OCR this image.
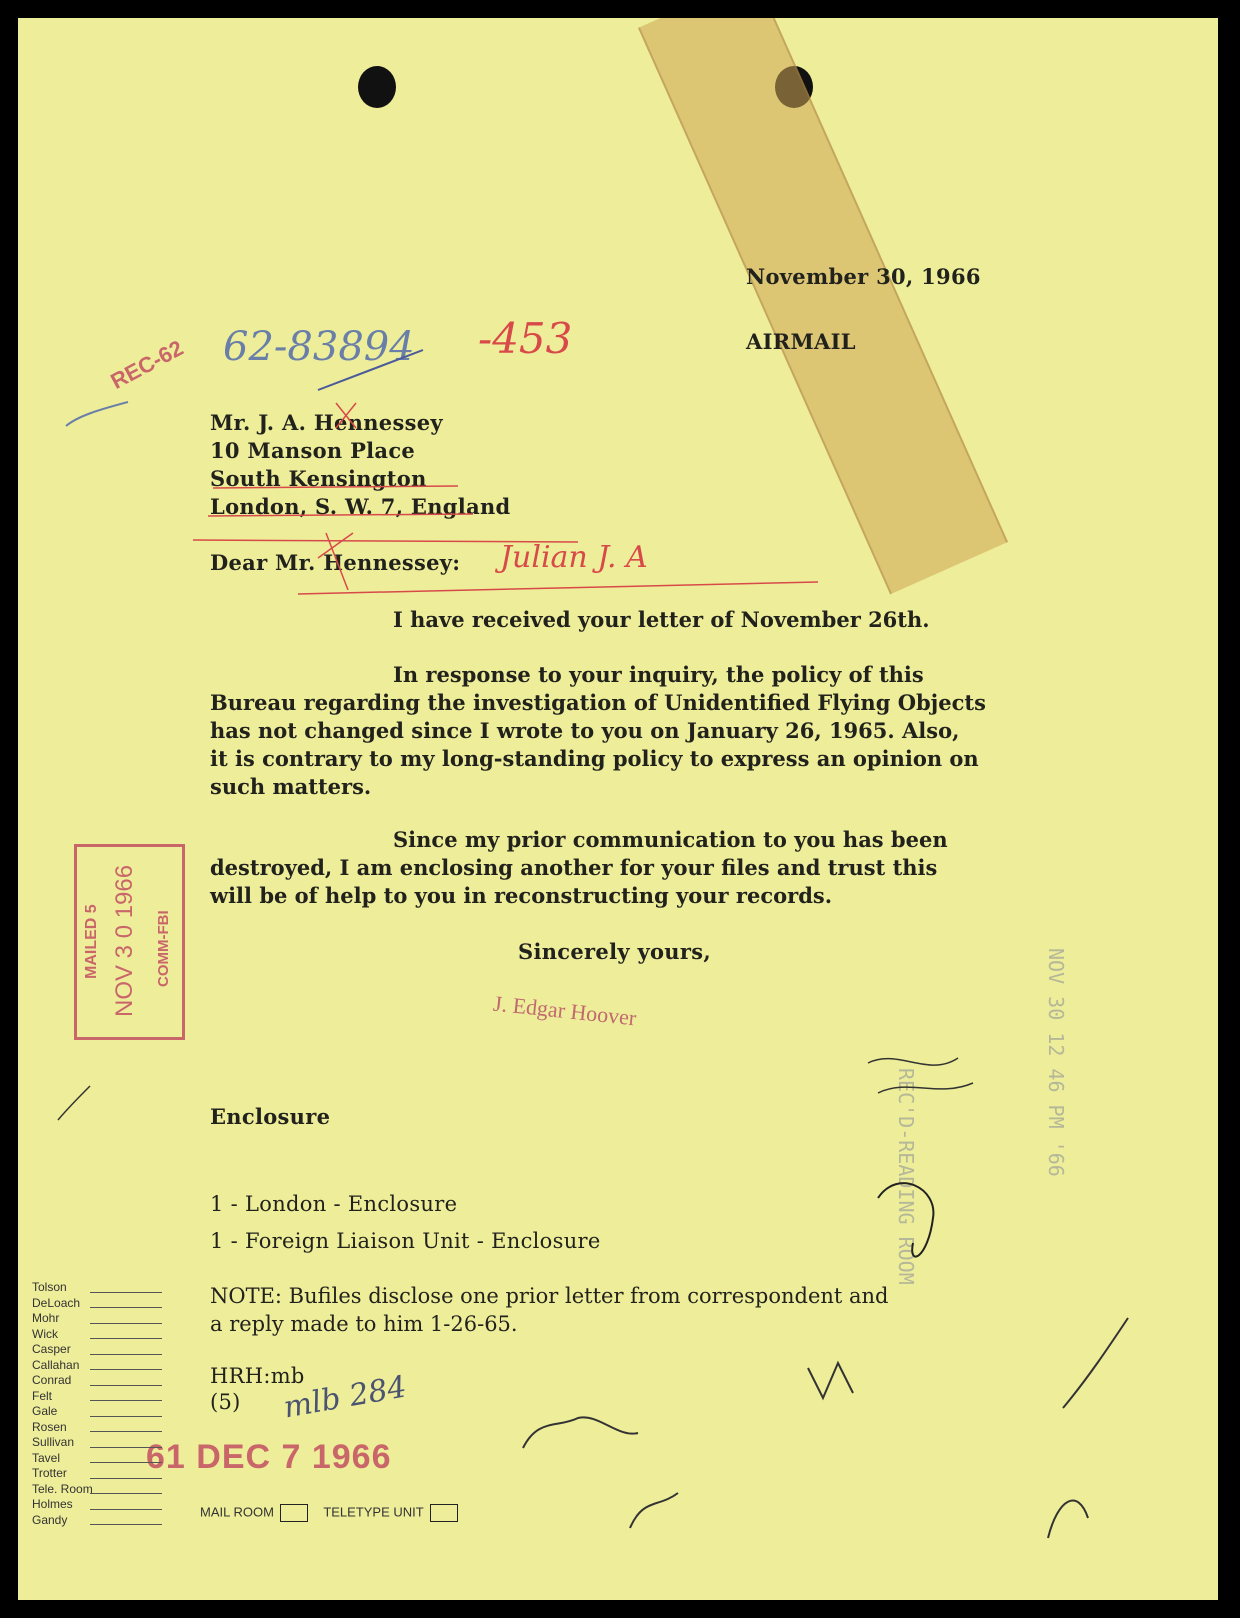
November 30, 1966
AIRMAIL
REC-62 62-83894 -453
Mr. J. A. Hennessey
10 Manson Place
South Kensington
London, S. W. 7, England
Dear Mr. Hennessey: Julian J. A
I have received your letter of November 26th.
In response to your inquiry, the policy of this
Bureau regarding the investigation of Unidentified Flying Objects
has not changed since I wrote to you on January 26, 1965. Also,
it is contrary to my long-standing policy to express an opinion on
such matters.
Since my prior communication to you has been
destroyed, I am enclosing another for your files and trust this
will be of help to you in reconstructing your records.
Sincerely yours,
J. Edgar Hoover
MAILED 5 NOV 3 0 1966 COMM-FBI
REC'D-READING ROOM	NOV 30 12 46 PM '66
Enclosure
1 - London - Enclosure
1 - Foreign Liaison Unit - Enclosure
NOTE: Bufiles disclose one prior letter from correspondent and
a reply made to him 1-26-65.
HRH:mb
(5) mlb 284
61 DEC 7 1966
Tolson
DeLoach
Mohr
Wick
Casper
Callahan
Conrad
Felt
Gale
Rosen
Sullivan
Tavel
Trotter
Tele. Room
Holmes
Gandy
MAIL ROOM	TELETYPE UNIT
